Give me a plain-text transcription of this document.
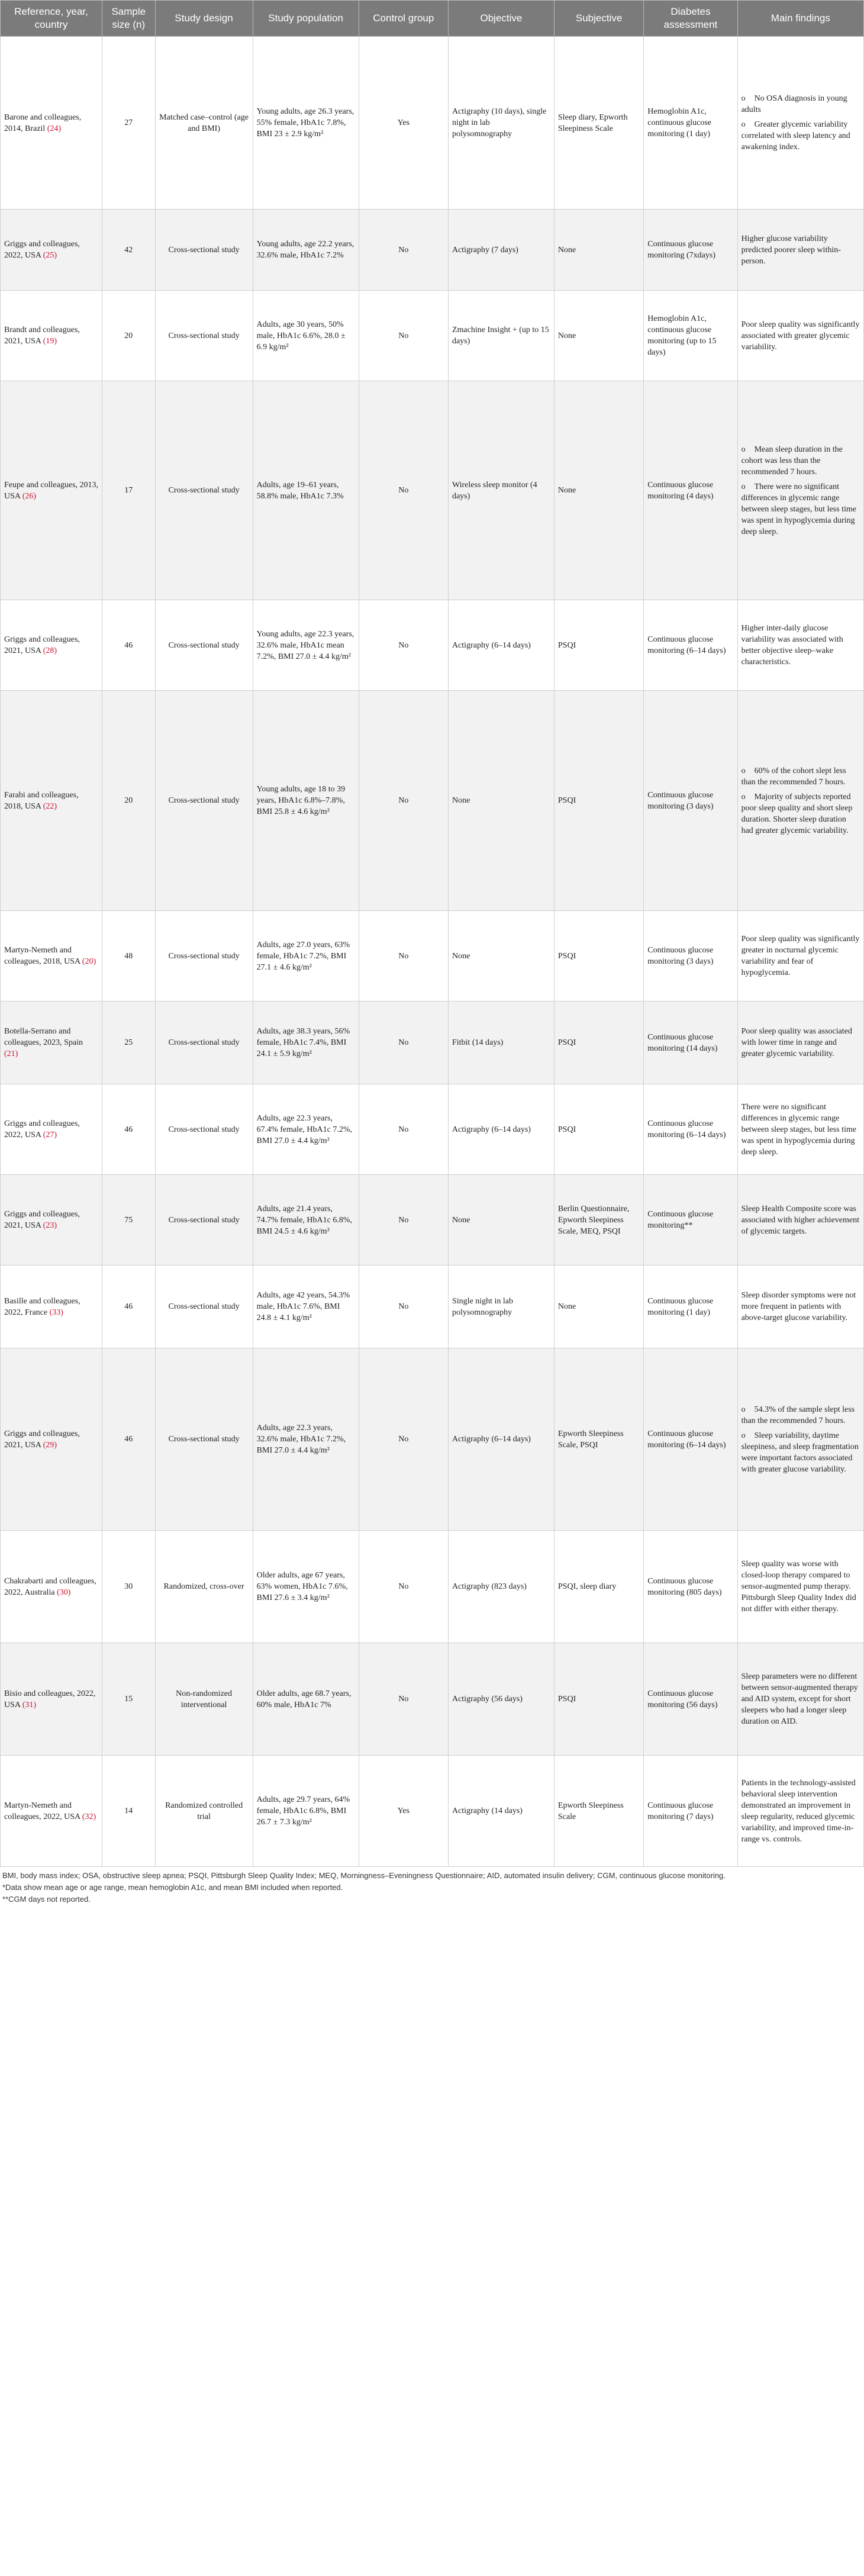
Reference, year, country	Sample size (n)	Study design	Study population	Control group	Objective	Subjective	Diabetes assessment	Main findings
Barone and colleagues, 2014, Brazil (24)	27	Matched case–control (age and BMI)	Young adults, age 26.3 years, 55% female, HbA1c 7.8%, BMI 23 ± 2.9 kg/m²	Yes	Actigraphy (10 days), single night in lab polysomnography	Sleep diary, Epworth Sleepiness Scale	Hemoglobin A1c, continuous glucose monitoring (1 day)	o No OSA diagnosis in young adults
o Greater glycemic variability correlated with sleep latency and awakening index.

Griggs and colleagues, 2022, USA (25)	42	Cross-sectional study	Young adults, age 22.2 years, 32.6% male, HbA1c 7.2%	No	Actigraphy (7 days)	None	Continuous glucose monitoring (7xdays)	Higher glucose variability predicted poorer sleep within-person.
Brandt and colleagues, 2021, USA (19)	20	Cross-sectional study	Adults, age 30 years, 50% male, HbA1c 6.6%, 28.0 ± 6.9 kg/m²	No	Zmachine Insight + (up to 15 days)	None	Hemoglobin A1c, continuous glucose monitoring (up to 15 days)	Poor sleep quality was significantly associated with greater glycemic variability.
Feupe and colleagues, 2013, USA (26)	17	Cross-sectional study	Adults, age 19–61 years, 58.8% male, HbA1c 7.3%	No	Wireless sleep monitor (4 days)	None	Continuous glucose monitoring (4 days)	o Mean sleep duration in the cohort was less than the recommended 7 hours.
o There were no significant differences in glycemic range between sleep stages, but less time was spent in hypoglycemia during deep sleep.

Griggs and colleagues, 2021, USA (28)	46	Cross-sectional study	Young adults, age 22.3 years, 32.6% male, HbA1c mean 7.2%, BMI 27.0 ± 4.4 kg/m²	No	Actigraphy (6–14 days)	PSQI	Continuous glucose monitoring (6–14 days)	Higher inter-daily glucose variability was associated with better objective sleep–wake characteristics.
Farabi and colleagues, 2018, USA (22)	20	Cross-sectional study	Young adults, age 18 to 39 years, HbA1c 6.8%–7.8%, BMI 25.8 ± 4.6 kg/m²	No	None	PSQI	Continuous glucose monitoring (3 days)	o 60% of the cohort slept less than the recommended 7 hours.
o Majority of subjects reported poor sleep quality and short sleep duration. Shorter sleep duration had greater glycemic variability.

Martyn-Nemeth and colleagues, 2018, USA (20)	48	Cross-sectional study	Adults, age 27.0 years, 63% female, HbA1c 7.2%, BMI 27.1 ± 4.6 kg/m²	No	None	PSQI	Continuous glucose monitoring (3 days)	Poor sleep quality was significantly greater in nocturnal glycemic variability and fear of hypoglycemia.
Botella-Serrano and colleagues, 2023, Spain (21)	25	Cross-sectional study	Adults, age 38.3 years, 56% female, HbA1c 7.4%, BMI 24.1 ± 5.9 kg/m²	No	Fitbit (14 days)	PSQI	Continuous glucose monitoring (14 days)	Poor sleep quality was associated with lower time in range and greater glycemic variability.
Griggs and colleagues, 2022, USA (27)	46	Cross-sectional study	Adults, age 22.3 years, 67.4% female, HbA1c 7.2%, BMI 27.0 ± 4.4 kg/m²	No	Actigraphy (6–14 days)	PSQI	Continuous glucose monitoring (6–14 days)	There were no significant differences in glycemic range between sleep stages, but less time was spent in hypoglycemia during deep sleep.
Griggs and colleagues, 2021, USA (23)	75	Cross-sectional study	Adults, age 21.4 years, 74.7% female, HbA1c 6.8%, BMI 24.5 ± 4.6 kg/m²	No	None	Berlin Questionnaire, Epworth Sleepiness Scale, MEQ, PSQI	Continuous glucose monitoring**	Sleep Health Composite score was associated with higher achievement of glycemic targets.
Basille and colleagues, 2022, France (33)	46	Cross-sectional study	Adults, age 42 years, 54.3% male, HbA1c 7.6%, BMI 24.8 ± 4.1 kg/m²	No	Single night in lab polysomnography	None	Continuous glucose monitoring (1 day)	Sleep disorder symptoms were not more frequent in patients with above-target glucose variability.
Griggs and colleagues, 2021, USA (29)	46	Cross-sectional study	Adults, age 22.3 years, 32.6% male, HbA1c 7.2%, BMI 27.0 ± 4.4 kg/m²	No	Actigraphy (6–14 days)	Epworth Sleepiness Scale, PSQI	Continuous glucose monitoring (6–14 days)	o 54.3% of the sample slept less than the recommended 7 hours.
o Sleep variability, daytime sleepiness, and sleep fragmentation were important factors associated with greater glucose variability.

Chakrabarti and colleagues, 2022, Australia (30)	30	Randomized, cross-over	Older adults, age 67 years, 63% women, HbA1c 7.6%, BMI 27.6 ± 3.4 kg/m²	No	Actigraphy (823 days)	PSQI, sleep diary	Continuous glucose monitoring (805 days)	Sleep quality was worse with closed-loop therapy compared to sensor-augmented pump therapy. Pittsburgh Sleep Quality Index did not differ with either therapy.
Bisio and colleagues, 2022, USA (31)	15	Non-randomized interventional	Older adults, age 68.7 years, 60% male, HbA1c 7%	No	Actigraphy (56 days)	PSQI	Continuous glucose monitoring (56 days)	Sleep parameters were no different between sensor-augmented therapy and AID system, except for short sleepers who had a longer sleep duration on AID.
Martyn-Nemeth and colleagues, 2022, USA (32)	14	Randomized controlled trial	Adults, age 29.7 years, 64% female, HbA1c 6.8%, BMI 26.7 ± 7.3 kg/m²	Yes	Actigraphy (14 days)	Epworth Sleepiness Scale	Continuous glucose monitoring (7 days)	Patients in the technology-assisted behavioral sleep intervention demonstrated an improvement in sleep regularity, reduced glycemic variability, and improved time-in-range vs. controls.
BMI, body mass index; OSA, obstructive sleep apnea; PSQI, Pittsburgh Sleep Quality Index; MEQ, Morningness–Eveningness Questionnaire; AID, automated insulin delivery; CGM, continuous glucose monitoring.
*Data show mean age or age range, mean hemoglobin A1c, and mean BMI included when reported.
**CGM days not reported.
